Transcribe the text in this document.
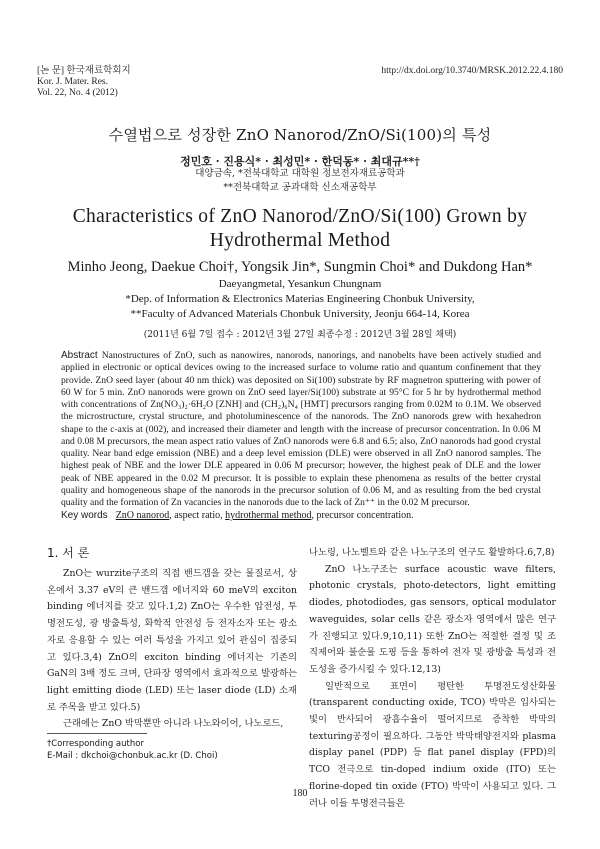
[논 문] 한국재료학회지
Kor. J. Mater. Res.
Vol. 22, No. 4 (2012)
http://dx.doi.org/10.3740/MRSK.2012.22.4.180
수열법으로 성장한 ZnO Nanorod/ZnO/Si(100)의 특성
정민호 · 진용식* · 최성민* · 한덕동* · 최대규**†
대양금속, *전북대학교 대학원 정보전자재료공학과
**전북대학교 공과대학 신소재공학부
Characteristics of ZnO Nanorod/ZnO/Si(100) Grown by
Hydrothermal Method
Minho Jeong, Daekue Choi†, Yongsik Jin*, Sungmin Choi* and Dukdong Han*
Daeyangmetal, Yesankun Chungnam
*Dep. of Information & Electronics Materias Engineering Chonbuk University,
**Faculty of Advanced Materials Chonbuk University, Jeonju 664-14, Korea
(2011년 6월 7일 접수 : 2012년 3월 27일 최종수정 : 2012년 3월 28일 채택)
Abstract Nanostructures of ZnO, such as nanowires, nanorods, nanorings, and nanobelts have been actively studied and applied in electronic or optical devices owing to the increased surface to volume ratio and quantum confinement that they provide. ZnO seed layer (about 40 nm thick) was deposited on Si(100) substrate by RF magnetron sputtering with power of 60 W for 5 min. ZnO nanorods were grown on ZnO seed layer/Si(100) substrate at 95°C for 5 hr by hydrothermal method with concentrations of Zn(NO₃)₂·6H₂O [ZNH] and (CH₂)₆N₄ [HMT] precursors ranging from 0.02M to 0.1M. We observed the microstructure, crystal structure, and photoluminescence of the nanorods. The ZnO nanorods grew with hexahedron shape to the c-axis at (002), and increased their diameter and length with the increase of precursor concentration. In 0.06 M and 0.08 M precursors, the mean aspect ratio values of ZnO nanorods were 6.8 and 6.5; also, ZnO nanorods had good crystal quality. Near band edge emission (NBE) and a deep level emission (DLE) were observed in all ZnO nanorod samples. The highest peak of NBE and the lower DLE appeared in 0.06 M precursor; however, the highest peak of DLE and the lower peak of NBE appeared in the 0.02 M precursor. It is possible to explain these phenomena as results of the better crystal quality and homogeneous shape of the nanorods in the precursor solution of 0.06 M, and as resulting from the bed crystal quality and the formation of Zn vacancies in the nanorods due to the lack of Zn⁺⁺ in the 0.02 M precursor.
Key words ZnO nanorod, aspect ratio, hydrothermal method, precursor concentration.
1. 서 론

ZnO는 wurzite구조의 직접 밴드갭을 갖는 물질로서, 상온에서 3.37 eV의 큰 밴드갭 에너지와 60 meV의 exciton binding 에너지를 갖고 있다.1,2) ZnO는 우수한 압전성, 투명전도성, 광 방출특성, 화학적 안전성 등 전자소자 또는 광소자로 응용할 수 있는 여러 특성을 가지고 있어 관심이 집중되고 있다.3,4) ZnO의 exciton binding 에너지는 기존의 GaN의 3배 정도 크며, 단파장 영역에서 효과적으로 발광하는 light emitting diode (LED) 또는 laser diode (LD) 소재로 주목을 받고 있다.5)

근래에는 ZnO 박막뿐만 아니라 나노와이어, 나노로드,

나노링, 나노벨트와 같은 나노구조의 연구도 활발하다.6,7,8)

ZnO 나노구조는 surface acoustic wave filters, photonic crystals, photo-detectors, light emitting diodes, photodiodes, gas sensors, optical modulator waveguides, solar cells 같은 광소자 영역에서 많은 연구가 진행되고 있다.9,10,11) 또한 ZnO는 적절한 결정 및 조직제어와 불순물 도핑 등을 통하여 전자 및 광방출 특성과 전도성을 증가시킬 수 있다.12,13)

일반적으로 표면이 평탄한 투명전도성산화물(transparent conducting oxide, TCO) 박막은 입사되는 빛이 반사되어 광흡수율이 떨어지므로 증착한 박막의 texturing공정이 필요하다. 그동안 박막태양전지와 plasma display panel (PDP) 등 flat panel display (FPD)의 TCO 전극으로 tin-doped indium oxide (ITO) 또는 florine-doped tin oxide (FTO) 박막이 사용되고 있다. 그러나 이들 투명전극들은

†Corresponding author
E-Mail : dkchoi@chonbuk.ac.kr (D. Choi)
180
